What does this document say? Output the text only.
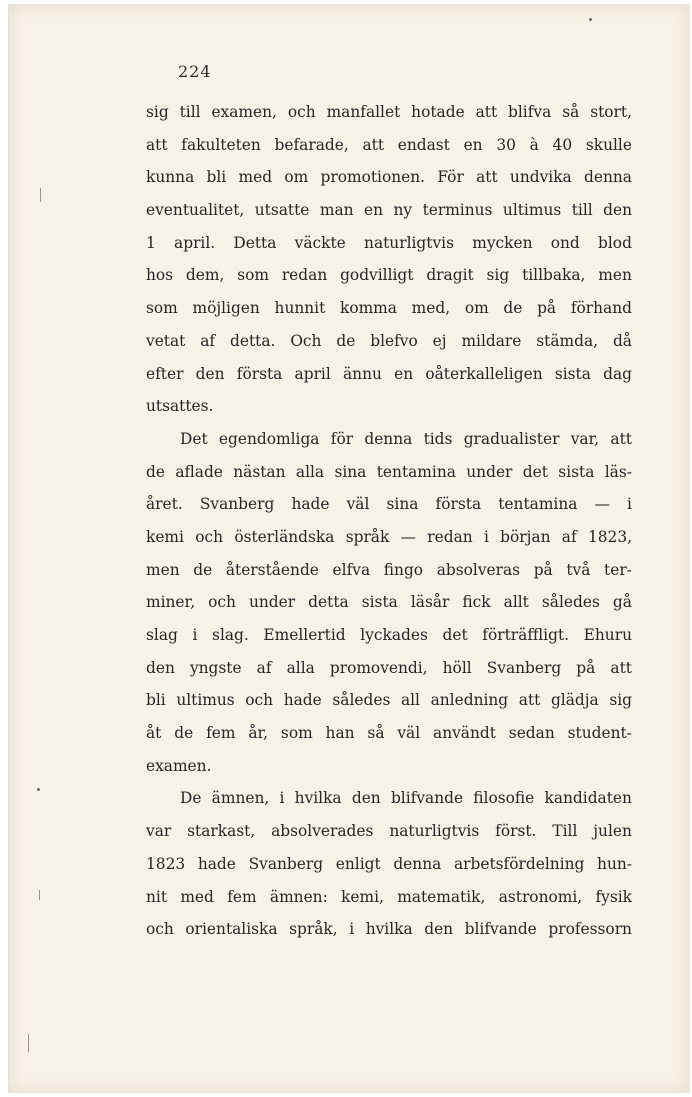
224
sig till examen, och manfallet hotade att blifva så stort,
att fakulteten befarade, att endast en 30 à 40 skulle
kunna bli med om promotionen. För att undvika denna
eventualitet, utsatte man en ny terminus ultimus till den
1 april. Detta väckte naturligtvis mycken ond blod
hos dem, som redan godvilligt dragit sig tillbaka, men
som möjligen hunnit komma med, om de på förhand
vetat af detta. Och de blefvo ej mildare stämda, då
efter den första april ännu en oåterkalleligen sista dag
utsattes.
Det egendomliga för denna tids gradualister var, att
de aflade nästan alla sina tentamina under det sista läs-
året. Svanberg hade väl sina första tentamina — i
kemi och österländska språk — redan i början af 1823,
men de återstående elfva fingo absolveras på två ter-
miner, och under detta sista läsår fick allt således gå
slag i slag. Emellertid lyckades det förträffligt. Ehuru
den yngste af alla promovendi, höll Svanberg på att
bli ultimus och hade således all anledning att glädja sig
åt de fem år, som han så väl användt sedan student-
examen.
De ämnen, i hvilka den blifvande filosofie kandidaten
var starkast, absolverades naturligtvis först. Till julen
1823 hade Svanberg enligt denna arbetsfördelning hun-
nit med fem ämnen: kemi, matematik, astronomi, fysik
och orientaliska språk, i hvilka den blifvande professorn
